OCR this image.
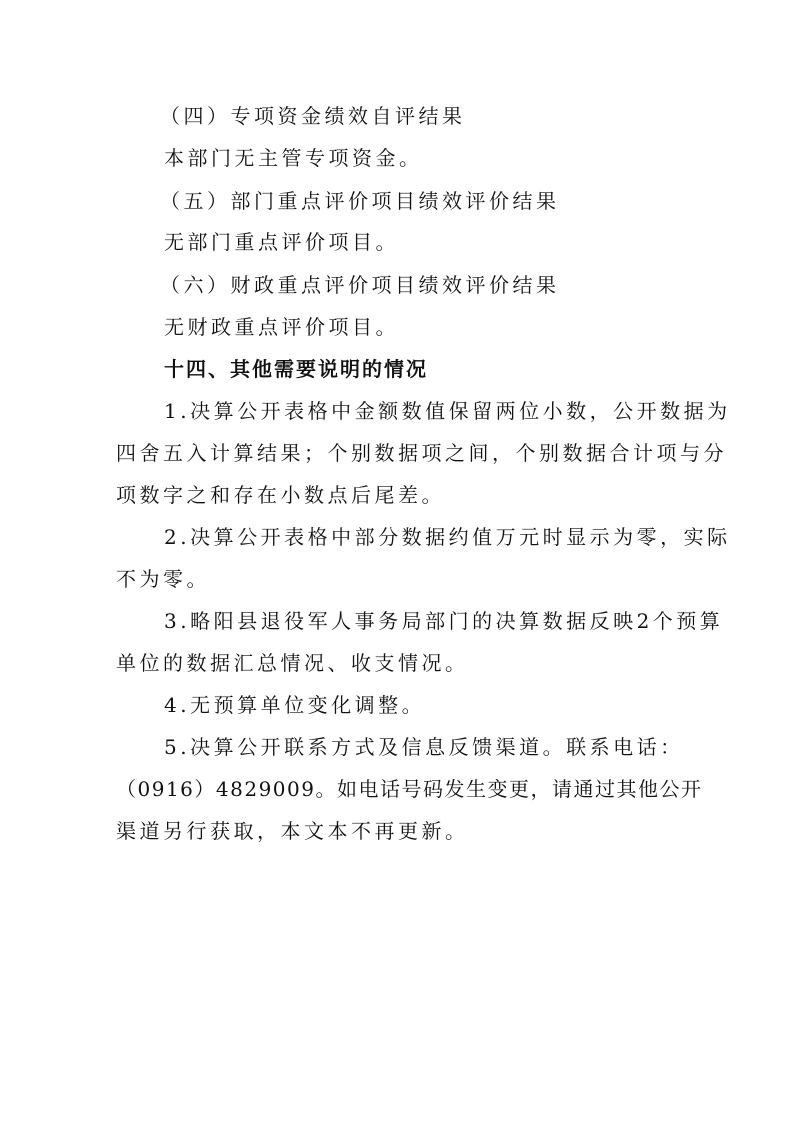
（四）专项资金绩效自评结果
本部门无主管专项资金。
（五）部门重点评价项目绩效评价结果
无部门重点评价项目。
（六）财政重点评价项目绩效评价结果
无财政重点评价项目。
十四、其他需要说明的情况
1.决算公开表格中金额数值保留两位小数，公开数据为
四舍五入计算结果；个别数据项之间，个别数据合计项与分
项数字之和存在小数点后尾差。
2.决算公开表格中部分数据约值万元时显示为零，实际
不为零。
3.略阳县退役军人事务局部门的决算数据反映2个预算
单位的数据汇总情况、收支情况。
4.无预算单位变化调整。
5.决算公开联系方式及信息反馈渠道。联系电话：
（0916）4829009。如电话号码发生变更，请通过其他公开
渠道另行获取，本文本不再更新。
